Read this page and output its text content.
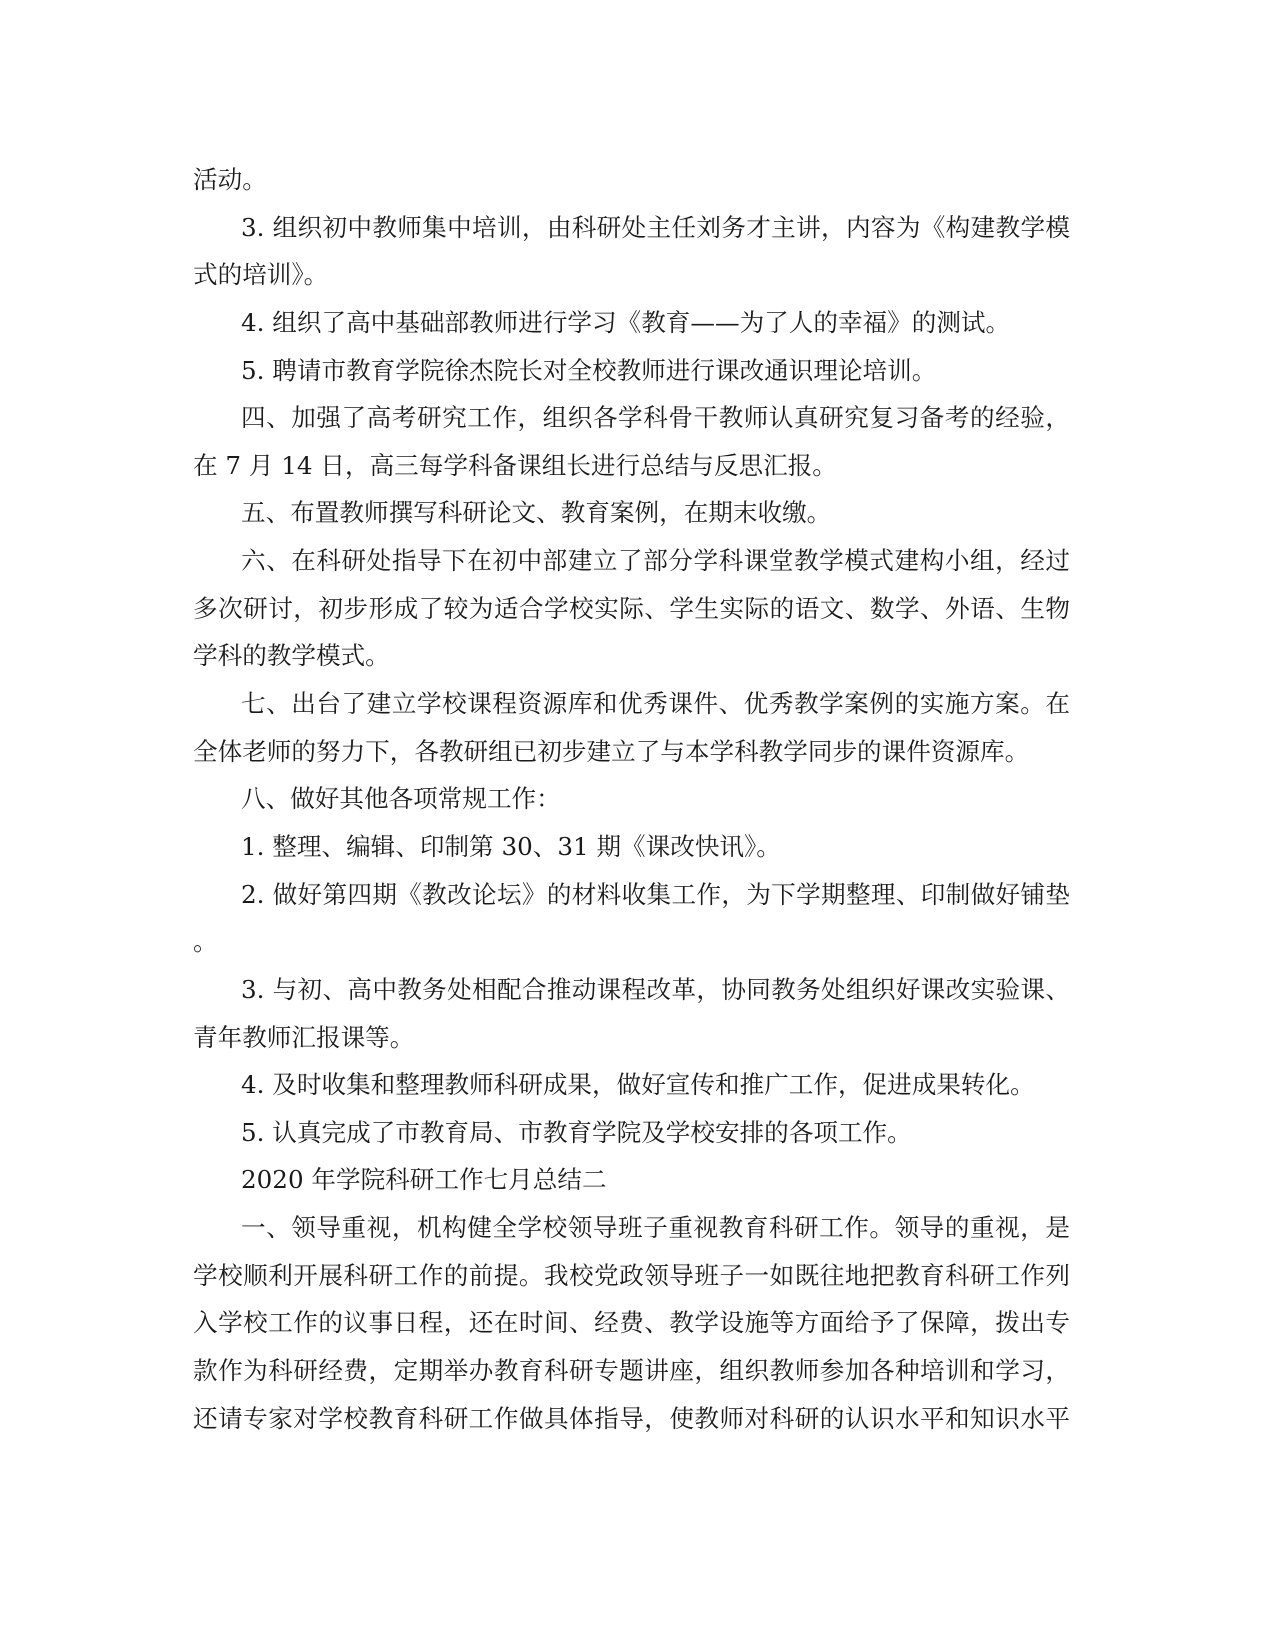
活动。
3. 组织初中教师集中培训，由科研处主任刘务才主讲，内容为《构建教学模
式的培训》。
4. 组织了高中基础部教师进行学习《教育——为了人的幸福》的测试。
5. 聘请市教育学院徐杰院长对全校教师进行课改通识理论培训。
四、加强了高考研究工作，组织各学科骨干教师认真研究复习备考的经验，
在 7 月 14 日，高三每学科备课组长进行总结与反思汇报。
五、布置教师撰写科研论文、教育案例，在期末收缴。
六、在科研处指导下在初中部建立了部分学科课堂教学模式建构小组，经过
多次研讨，初步形成了较为适合学校实际、学生实际的语文、数学、外语、生物
学科的教学模式。
七、出台了建立学校课程资源库和优秀课件、优秀教学案例的实施方案。在
全体老师的努力下，各教研组已初步建立了与本学科教学同步的课件资源库。
八、做好其他各项常规工作：
1. 整理、编辑、印制第 30、31 期《课改快讯》。
2. 做好第四期《教改论坛》的材料收集工作，为下学期整理、印制做好铺垫
。
3. 与初、高中教务处相配合推动课程改革，协同教务处组织好课改实验课、
青年教师汇报课等。
4. 及时收集和整理教师科研成果，做好宣传和推广工作，促进成果转化。
5. 认真完成了市教育局、市教育学院及学校安排的各项工作。
2020 年学院科研工作七月总结二
一、领导重视，机构健全学校领导班子重视教育科研工作。领导的重视，是
学校顺利开展科研工作的前提。我校党政领导班子一如既往地把教育科研工作列
入学校工作的议事日程，还在时间、经费、教学设施等方面给予了保障，拨出专
款作为科研经费，定期举办教育科研专题讲座，组织教师参加各种培训和学习，
还请专家对学校教育科研工作做具体指导，使教师对科研的认识水平和知识水平
